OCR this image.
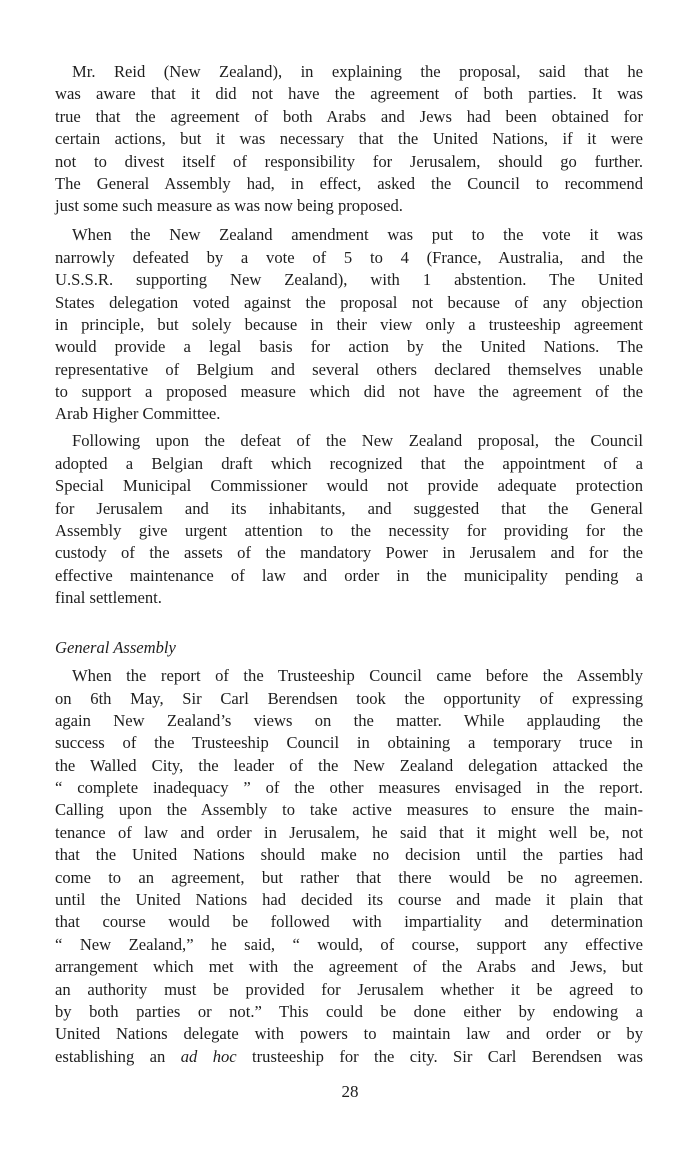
Mr. Reid (New Zealand), in explaining the proposal, said that he
was aware that it did not have the agreement of both parties. It was
true that the agreement of both Arabs and Jews had been obtained for
certain actions, but it was necessary that the United Nations, if it were
not to divest itself of responsibility for Jerusalem, should go further.
The General Assembly had, in effect, asked the Council to recommend
just some such measure as was now being proposed.
When the New Zealand amendment was put to the vote it was
narrowly defeated by a vote of 5 to 4 (France, Australia, and the
U.S.S.R. supporting New Zealand), with 1 abstention. The United
States delegation voted against the proposal not because of any objection
in principle, but solely because in their view only a trusteeship agreement
would provide a legal basis for action by the United Nations. The
representative of Belgium and several others declared themselves unable
to support a proposed measure which did not have the agreement of the
Arab Higher Committee.
Following upon the defeat of the New Zealand proposal, the Council
adopted a Belgian draft which recognized that the appointment of a
Special Municipal Commissioner would not provide adequate protection
for Jerusalem and its inhabitants, and suggested that the General
Assembly give urgent attention to the necessity for providing for the
custody of the assets of the mandatory Power in Jerusalem and for the
effective maintenance of law and order in the municipality pending a
final settlement.
General Assembly
When the report of the Trusteeship Council came before the Assembly
on 6th May, Sir Carl Berendsen took the opportunity of expressing
again New Zealand’s views on the matter. While applauding the
success of the Trusteeship Council in obtaining a temporary truce in
the Walled City, the leader of the New Zealand delegation attacked the
“ complete inadequacy ” of the other measures envisaged in the report.
Calling upon the Assembly to take active measures to ensure the main-
tenance of law and order in Jerusalem, he said that it might well be, not
that the United Nations should make no decision until the parties had
come to an agreement, but rather that there would be no agreemen.
until the United Nations had decided its course and made it plain that
that course would be followed with impartiality and determination
“ New Zealand,” he said, “ would, of course, support any effective
arrangement which met with the agreement of the Arabs and Jews, but
an authority must be provided for Jerusalem whether it be agreed to
by both parties or not.” This could be done either by endowing a
United Nations delegate with powers to maintain law and order or by
establishing an ad hoc trusteeship for the city. Sir Carl Berendsen was
28
